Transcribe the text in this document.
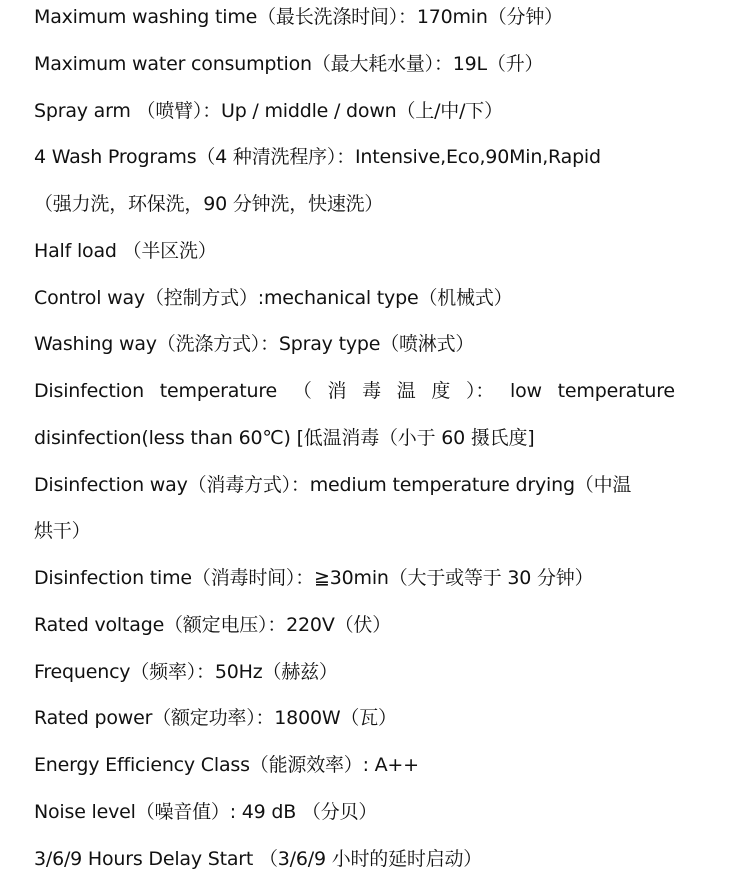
Maximum washing time（最长洗涤时间）：170min（分钟）
Maximum water consumption（最大耗水量）：19L（升）
Spray arm （喷臂）：Up / middle / down（上/中/下）
4 Wash Programs（4 种清洗程序）：Intensive,Eco,90Min,Rapid
（强力洗，环保洗，90 分钟洗，快速洗）
Half load （半区洗）
Control way（控制方式）:mechanical type（机械式）
Washing way（洗涤方式）：Spray type（喷淋式）
Disinfection temperature （ 消 毒 温 度 ）： low temperature
disinfection(less than 60℃) [低温消毒（小于 60 摄氏度]
Disinfection way（消毒方式）：medium temperature drying（中温
烘干）
Disinfection time（消毒时间）：≧30min（大于或等于 30 分钟）
Rated voltage（额定电压）：220V（伏）
Frequency（频率）：50Hz（赫兹）
Rated power（额定功率）：1800W（瓦）
Energy Efficiency Class（能源效率）: A++
Noise level（噪音值）: 49 dB （分贝）
3/6/9 Hours Delay Start （3/6/9 小时的延时启动）
